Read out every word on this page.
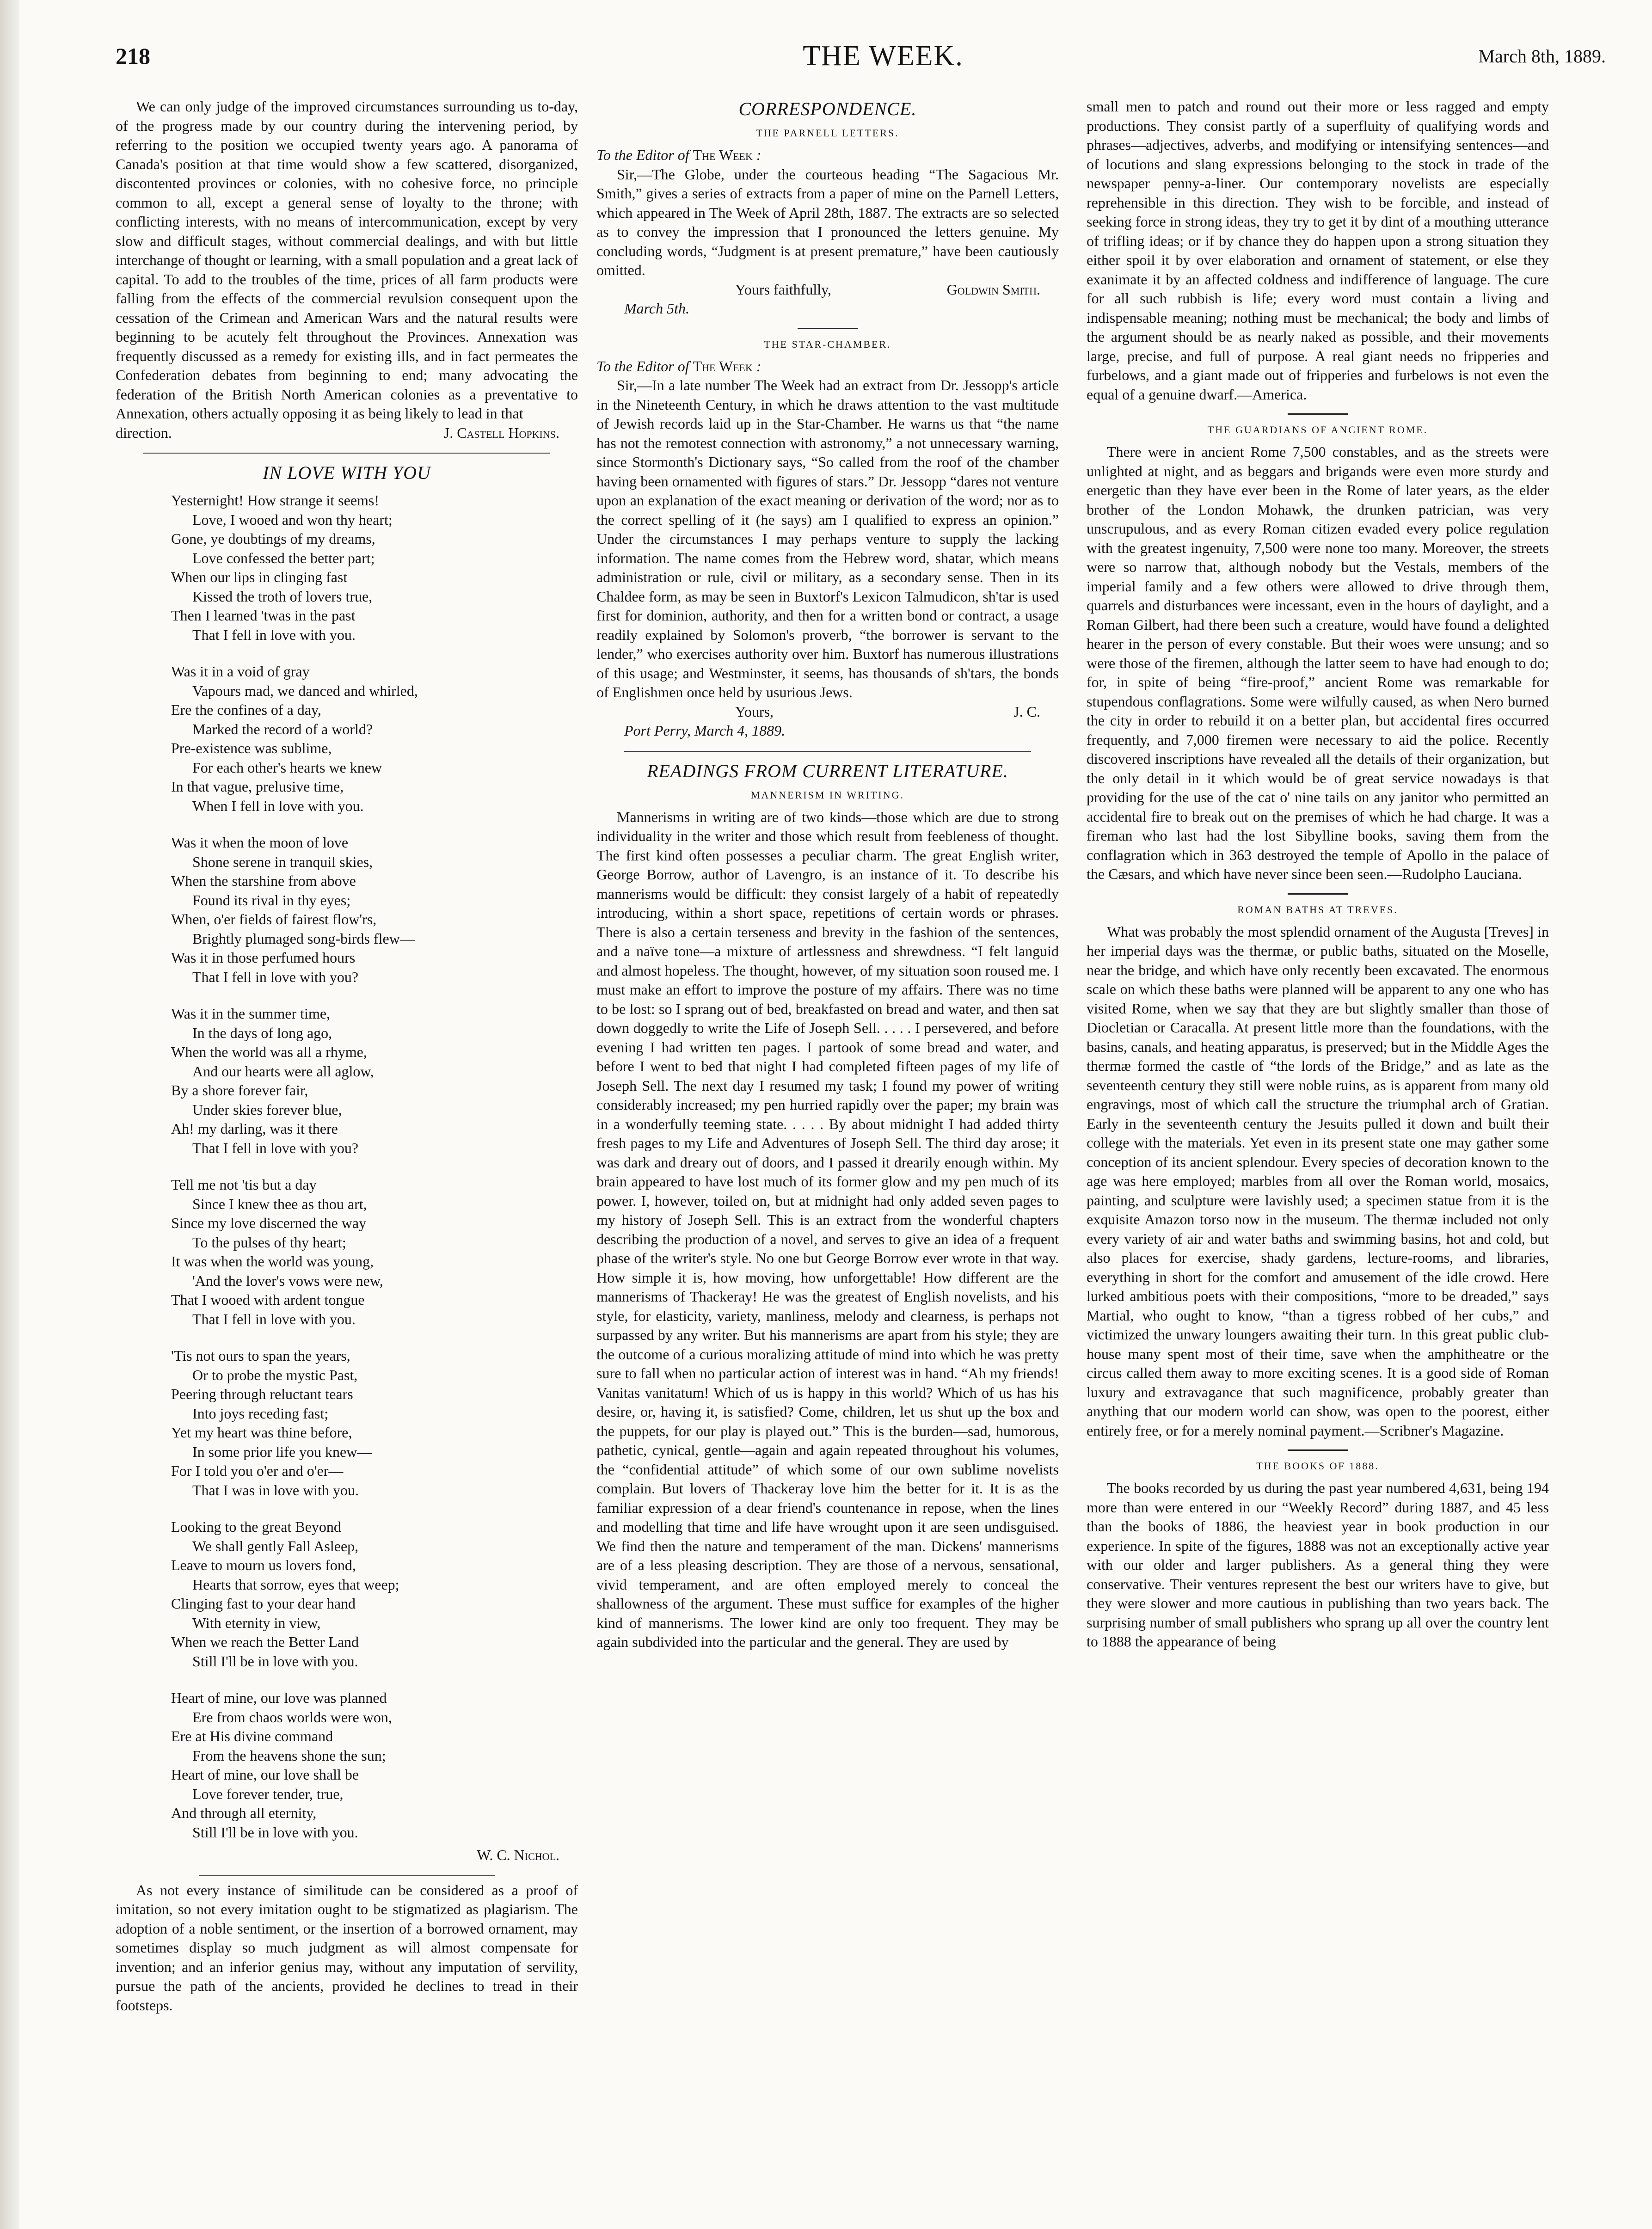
218	THE WEEK.	March 8th, 1889.

We can only judge of the improved circumstances surrounding us to-day, of the progress made by our country during the intervening period, by referring to the position we occupied twenty years ago. A panorama of Canada's position at that time would show a few scattered, disorganized, discontented provinces or colonies, with no cohesive force, no principle common to all, except a general sense of loyalty to the throne; with conflicting interests, with no means of intercommunication, except by very slow and difficult stages, without commercial dealings, and with but little interchange of thought or learning, with a small population and a great lack of capital. To add to the troubles of the time, prices of all farm products were falling from the effects of the commercial revulsion consequent upon the cessation of the Crimean and American Wars and the natural results were beginning to be acutely felt throughout the Provinces. Annexation was frequently discussed as a remedy for existing ills, and in fact permeates the Confederation debates from beginning to end; many advocating the federation of the British North American colonies as a preventative to Annexation, others actually opposing it as being likely to lead in that

direction.	J. Castell Hopkins.
IN LOVE WITH YOU
Yesternight! How strange it seems!
Love, I wooed and won thy heart;
Gone, ye doubtings of my dreams,
Love confessed the better part;
When our lips in clinging fast
Kissed the troth of lovers true,
Then I learned 'twas in the past
That I fell in love with you.
Was it in a void of gray
Vapours mad, we danced and whirled,
Ere the confines of a day,
Marked the record of a world?
Pre-existence was sublime,
For each other's hearts we knew
In that vague, prelusive time,
When I fell in love with you.
Was it when the moon of love
Shone serene in tranquil skies,
When the starshine from above
Found its rival in thy eyes;
When, o'er fields of fairest flow'rs,
Brightly plumaged song-birds flew—
Was it in those perfumed hours
That I fell in love with you?
Was it in the summer time,
In the days of long ago,
When the world was all a rhyme,
And our hearts were all aglow,
By a shore forever fair,
Under skies forever blue,
Ah! my darling, was it there
That I fell in love with you?
Tell me not 'tis but a day
Since I knew thee as thou art,
Since my love discerned the way
To the pulses of thy heart;
It was when the world was young,
'And the lover's vows were new,
That I wooed with ardent tongue
That I fell in love with you.
'Tis not ours to span the years,
Or to probe the mystic Past,
Peering through reluctant tears
Into joys receding fast;
Yet my heart was thine before,
In some prior life you knew—
For I told you o'er and o'er—
That I was in love with you.
Looking to the great Beyond
We shall gently Fall Asleep,
Leave to mourn us lovers fond,
Hearts that sorrow, eyes that weep;
Clinging fast to your dear hand
With eternity in view,
When we reach the Better Land
Still I'll be in love with you.
Heart of mine, our love was planned
Ere from chaos worlds were won,
Ere at His divine command
From the heavens shone the sun;
Heart of mine, our love shall be
Love forever tender, true,
And through all eternity,
Still I'll be in love with you.
W. C. Nichol.

As not every instance of similitude can be considered as a proof of imitation, so not every imitation ought to be stigmatized as plagiarism. The adoption of a noble sentiment, or the insertion of a borrowed ornament, may sometimes display so much judgment as will almost compensate for invention; and an inferior genius may, without any imputation of servility, pursue the path of the ancients, provided he declines to tread in their footsteps.

CORRESPONDENCE.
THE PARNELL LETTERS.
To the Editor of The Week :

Sir,—The Globe, under the courteous heading “The Sagacious Mr. Smith,” gives a series of extracts from a paper of mine on the Parnell Letters, which appeared in The Week of April 28th, 1887. The extracts are so selected as to convey the impression that I pronounced the letters genuine. My concluding words, “Judgment is at present premature,” have been cautiously omitted.

Yours faithfully,	Goldwin Smith.
March 5th.
THE STAR-CHAMBER.
To the Editor of The Week :

Sir,—In a late number The Week had an extract from Dr. Jessopp's article in the Nineteenth Century, in which he draws attention to the vast multitude of Jewish records laid up in the Star-Chamber. He warns us that “the name has not the remotest connection with astronomy,” a not unnecessary warning, since Stormonth's Dictionary says, “So called from the roof of the chamber having been ornamented with figures of stars.” Dr. Jessopp “dares not venture upon an explanation of the exact meaning or derivation of the word; nor as to the correct spelling of it (he says) am I qualified to express an opinion.” Under the circumstances I may perhaps venture to supply the lacking information. The name comes from the Hebrew word, shatar, which means administration or rule, civil or military, as a secondary sense. Then in its Chaldee form, as may be seen in Buxtorf's Lexicon Talmudicon, sh'tar is used first for dominion, authority, and then for a written bond or contract, a usage readily explained by Solomon's proverb, “the borrower is servant to the lender,” who exercises authority over him. Buxtorf has numerous illustrations of this usage; and Westminster, it seems, has thousands of sh'tars, the bonds of Englishmen once held by usurious Jews.

Yours,	J. C.
Port Perry, March 4, 1889.
READINGS FROM CURRENT LITERATURE.
MANNERISM IN WRITING.

Mannerisms in writing are of two kinds—those which are due to strong individuality in the writer and those which result from feebleness of thought. The first kind often possesses a peculiar charm. The great English writer, George Borrow, author of Lavengro, is an instance of it. To describe his mannerisms would be difficult: they consist largely of a habit of repeatedly introducing, within a short space, repetitions of certain words or phrases. There is also a certain terseness and brevity in the fashion of the sentences, and a naïve tone—a mixture of artlessness and shrewdness. “I felt languid and almost hopeless. The thought, however, of my situation soon roused me. I must make an effort to improve the posture of my affairs. There was no time to be lost: so I sprang out of bed, breakfasted on bread and water, and then sat down doggedly to write the Life of Joseph Sell. . . . . I persevered, and before evening I had written ten pages. I partook of some bread and water, and before I went to bed that night I had completed fifteen pages of my life of Joseph Sell. The next day I resumed my task; I found my power of writing considerably increased; my pen hurried rapidly over the paper; my brain was in a wonderfully teeming state. . . . . By about midnight I had added thirty fresh pages to my Life and Adventures of Joseph Sell. The third day arose; it was dark and dreary out of doors, and I passed it drearily enough within. My brain appeared to have lost much of its former glow and my pen much of its power. I, however, toiled on, but at midnight had only added seven pages to my history of Joseph Sell. This is an extract from the wonderful chapters describing the production of a novel, and serves to give an idea of a frequent phase of the writer's style. No one but George Borrow ever wrote in that way. How simple it is, how moving, how unforgettable! How different are the mannerisms of Thackeray! He was the greatest of English novelists, and his style, for elasticity, variety, manliness, melody and clearness, is perhaps not surpassed by any writer. But his mannerisms are apart from his style; they are the outcome of a curious moralizing attitude of mind into which he was pretty sure to fall when no particular action of interest was in hand. “Ah my friends! Vanitas vanitatum! Which of us is happy in this world? Which of us has his desire, or, having it, is satisfied? Come, children, let us shut up the box and the puppets, for our play is played out.” This is the burden—sad, humorous, pathetic, cynical, gentle—again and again repeated throughout his volumes, the “confidential attitude” of which some of our own sublime novelists complain. But lovers of Thackeray love him the better for it. It is as the familiar expression of a dear friend's countenance in repose, when the lines and modelling that time and life have wrought upon it are seen undisguised. We find then the nature and temperament of the man. Dickens' mannerisms are of a less pleasing description. They are those of a nervous, sensational, vivid temperament, and are often employed merely to conceal the shallowness of the argument. These must suffice for examples of the higher kind of mannerisms. The lower kind are only too frequent. They may be again subdivided into the particular and the general. They are used by

small men to patch and round out their more or less ragged and empty productions. They consist partly of a superfluity of qualifying words and phrases—adjectives, adverbs, and modifying or intensifying sentences—and of locutions and slang expressions belonging to the stock in trade of the newspaper penny-a-liner. Our contemporary novelists are especially reprehensible in this direction. They wish to be forcible, and instead of seeking force in strong ideas, they try to get it by dint of a mouthing utterance of trifling ideas; or if by chance they do happen upon a strong situation they either spoil it by over elaboration and ornament of statement, or else they exanimate it by an affected coldness and indifference of language. The cure for all such rubbish is life; every word must contain a living and indispensable meaning; nothing must be mechanical; the body and limbs of the argument should be as nearly naked as possible, and their movements large, precise, and full of purpose. A real giant needs no fripperies and furbelows, and a giant made out of fripperies and furbelows is not even the equal of a genuine dwarf.—America.

THE GUARDIANS OF ANCIENT ROME.

There were in ancient Rome 7,500 constables, and as the streets were unlighted at night, and as beggars and brigands were even more sturdy and energetic than they have ever been in the Rome of later years, as the elder brother of the London Mohawk, the drunken patrician, was very unscrupulous, and as every Roman citizen evaded every police regulation with the greatest ingenuity, 7,500 were none too many. Moreover, the streets were so narrow that, although nobody but the Vestals, members of the imperial family and a few others were allowed to drive through them, quarrels and disturbances were incessant, even in the hours of daylight, and a Roman Gilbert, had there been such a creature, would have found a delighted hearer in the person of every constable. But their woes were unsung; and so were those of the firemen, although the latter seem to have had enough to do; for, in spite of being “fire-proof,” ancient Rome was remarkable for stupendous conflagrations. Some were wilfully caused, as when Nero burned the city in order to rebuild it on a better plan, but accidental fires occurred frequently, and 7,000 firemen were necessary to aid the police. Recently discovered inscriptions have revealed all the details of their organization, but the only detail in it which would be of great service nowadays is that providing for the use of the cat o' nine tails on any janitor who permitted an accidental fire to break out on the premises of which he had charge. It was a fireman who last had the lost Sibylline books, saving them from the conflagration which in 363 destroyed the temple of Apollo in the palace of the Cæsars, and which have never since been seen.—Rudolpho Lauciana.

ROMAN BATHS AT TREVES.

What was probably the most splendid ornament of the Augusta [Treves] in her imperial days was the thermæ, or public baths, situated on the Moselle, near the bridge, and which have only recently been excavated. The enormous scale on which these baths were planned will be apparent to any one who has visited Rome, when we say that they are but slightly smaller than those of Diocletian or Caracalla. At present little more than the foundations, with the basins, canals, and heating apparatus, is preserved; but in the Middle Ages the thermæ formed the castle of “the lords of the Bridge,” and as late as the seventeenth century they still were noble ruins, as is apparent from many old engravings, most of which call the structure the triumphal arch of Gratian. Early in the seventeenth century the Jesuits pulled it down and built their college with the materials. Yet even in its present state one may gather some conception of its ancient splendour. Every species of decoration known to the age was here employed; marbles from all over the Roman world, mosaics, painting, and sculpture were lavishly used; a specimen statue from it is the exquisite Amazon torso now in the museum. The thermæ included not only every variety of air and water baths and swimming basins, hot and cold, but also places for exercise, shady gardens, lecture-rooms, and libraries, everything in short for the comfort and amusement of the idle crowd. Here lurked ambitious poets with their compositions, “more to be dreaded,” says Martial, who ought to know, “than a tigress robbed of her cubs,” and victimized the unwary loungers awaiting their turn. In this great public club-house many spent most of their time, save when the amphitheatre or the circus called them away to more exciting scenes. It is a good side of Roman luxury and extravagance that such magnificence, probably greater than anything that our modern world can show, was open to the poorest, either entirely free, or for a merely nominal payment.—Scribner's Magazine.

THE BOOKS OF 1888.

The books recorded by us during the past year numbered 4,631, being 194 more than were entered in our “Weekly Record” during 1887, and 45 less than the books of 1886, the heaviest year in book production in our experience. In spite of the figures, 1888 was not an exceptionally active year with our older and larger publishers. As a general thing they were conservative. Their ventures represent the best our writers have to give, but they were slower and more cautious in publishing than two years back. The surprising number of small publishers who sprang up all over the country lent to 1888 the appearance of being
